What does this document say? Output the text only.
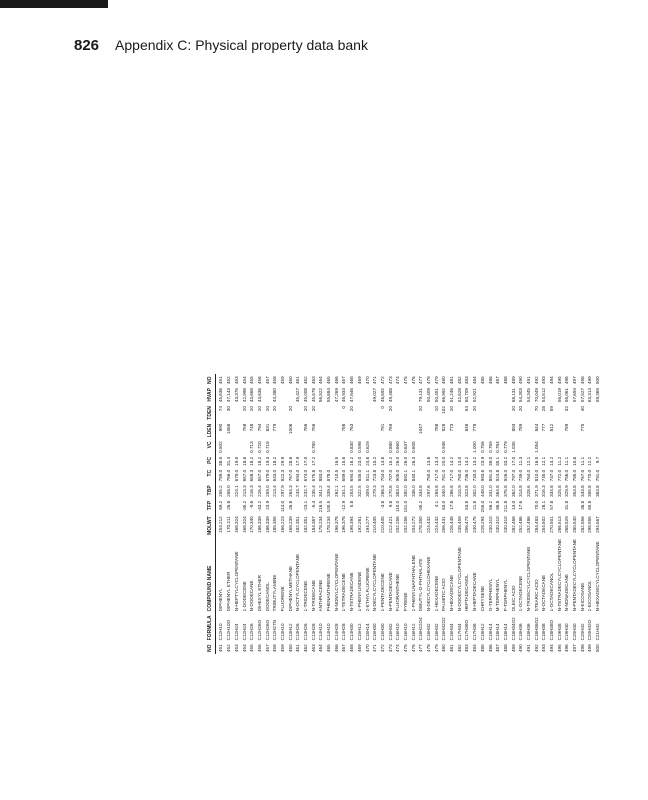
826 Appendix C: Physical property data bank
NO	FORMULA	COMPOUND NAME	MOLWT	TFP	TBP	TC	PC	VC	LDEN	TDEN	HVAP	NO
451	C12H10	DIPHENYL	154.212	69.2	255.2	789.0	38.5	0.502	990	74	45,636	451
452	C12H10O	DIPHENYL ETHER	170.211	26.8	258.0	766.0	31.4		1066	30	47,143	452
453	C12H24	N-HEPTYLCYCLOPENTANE	168.324		224.1	679.0	19.5				43,375	453
454	C12H24	1-DODECENE	168.324	-35.2	213.3	657.0	18.6		758	20	42,998	454
455	C12H26	N-DODECANE	170.340	-9.6	216.3	658.3	18.2	0.713	748	20	43,668	455
456	C12H26O	DIHEXYL ETHER	186.339	-43.2	226.4	657.0	18.2	0.720	794	20	43,636	456
457	C12H26O	DODECANOL	186.339	23.9	259.0	679.0	19.3	0.718	831	20		457
458	C12H27N	TRIBUTYLAMINE	185.355		213.4	643.0	18.2		779	20	44,380	458
459	C13H10	FLUORENE	166.223	114.0	297.9	822.3	29.9					459
460	C13H12	DIPHENYLMETHANE	168.239	26.8	264.3	767.0	28.6		1006	20		460
461	C13H26	N-OCTYLCYCLOPENTANE	182.351		243.7	694.0	17.9				45,427	461
462	C13H26	1-TRIDECENE	182.351	-23.1	232.7	674.0	17.0		766	20	45,008	462
463	C13H28	N-TRIDECANE	184.367	-5.4	235.4	675.8	17.2	0.780	756	20	45,678	463
464	C14H10	ANTHRACENE	178.234	216.5	341.2	883.0					56,522	464
465	C14H10	PHENANTHRENE	178.234	100.5	339.4	878.0					55,684	465
466	C14H28	N-NONYLCYCLOPENTANE	196.378		262.1	710.5	16.5				47,269	466
467	C14H28	1-TETRADECENE	196.378	-12.9	251.1	689.0	15.6		786	0	46,934	467
468	C14H30	N-TETRADECANE	198.394	5.8	253.5	694.0	16.2	0.830	763	20	47,646	468
469	C15H12	1-PHENYLINDENE	192.261		322.5	845.0	23.0	0.598				469
470	C15H14	2-ETHYLFLUORENE	194.277		309.0	811.1	24.6	0.629				470
471	C15H30	N-DECYLCYCLOPENTANE	210.405		279.3	723.8	15.2				49,027	471
472	C15H30	1-PENTADECENE	210.405	-3.8	268.3	704.0	14.6		791	0	48,692	472
473	C15H32	N-PENTADECANE	212.421	9.8	270.6	707.0	15.2	0.880	769	20	49,488	473
474	C16H10	FLUORANTHENE	202.256	110.0	383.0	905.0	26.0	0.660				474
475	C16H10	PYRENE	202.256	151.0	392.0	892.1	26.0	0.637				475
476	C16H12	1-PHENYLNAPHTHALENE	204.272		336.0	840.1	26.3	0.605				476
477	C16H22O4	DIBUTYL-O-PHTHALATE	278.350	-35.2	334.8				1047	20	79,131	477
478	C16H32	N-DECYLCYCLOHEXANE	224.432		297.6	750.0	13.6				50,409	478
479	C16H32	1-HEXADECENE	224.432	4.1	284.8	717.0	13.4		788	10	50,451	479
480	C16H32O2	PALMITIC ACID	256.431	63.0	340.5	781.0	20.0	0.946	828	102	66,992	480
481	C16H34	N-HEXADECANE	226.448	17.8	286.8	717.0	14.2		773	20	51,246	481
482	C17H34	N-DODECYLCYCLOPENTANE	238.459		310.9	750.0	13.0				52,628	482
483	C17H36O	HEPTADECANOL	256.474	53.8	323.8	736.0	14.2		848	54	60,709	483
484	C17H36	N-HEPTADECANE	240.475	21.8	302.0	733.0	13.2	1.000	778	20	52,921	484
485	C18H12	CHRYSENE	228.294	255.0	448.0	993.6	23.9	0.756				485
486	C18H14	O-TERPHENYL	230.310	56.2	331.0	891.0	39.0	0.769				486
487	C18H14	M-TERPHENYL	230.310	86.8	364.8	924.8	35.1	0.784				487
488	C18H14	P-TERPHENYL	230.310	211.8	375.8	926.0	33.2	0.779				488
489	C18H34O2	OLEIC ACID	282.468	13.0	362.0	797.0	17.0	1.035	893	20	68,131	489
490	C18H36	1-OCTADECENE	252.486	17.6	314.8	739.0	11.3		789	20	54,303	490
491	C18H36	N-TRIDECYLCYCLOPENTANE	252.486		328.6	764.0	12.1				54,345	491
492	C18H36O2	STEARIC ACID	284.483	70.0	371.9	810.0	16.5	1.054	844	70	70,049	492
493	C18H38	N-OCTADECANE	254.502	28.1	316.3	745.0	12.1		777	28	54,512	493
494	C18H38O	1-OCTADECANOL	270.501	57.8	334.8	747.0	14.2		812	59		494
495	C19H38	N-TETRADECYLCYCLOPENTANE	266.513		325.8	772.0	11.2				56,019	495
496	C19H40	N-NONADECANE	268.529	31.8	329.9	756.0	11.1		789	32	56,061	496
497	C20H40	N-PENTADECYLCYCLOPENTANE	280.540		353.8	785.0	10.6				57,694	497
498	C20H42	N-EICOSANE	282.556	36.8	343.8	767.0	11.1		775	40	57,527	498
499	C20H42O	1-EICOSANOL	298.555	65.8	355.8	770.0	12.2				63,314	499
500	C21H42	N-HEXADECYLCYCLOPENTANE	294.567		363.8	791.0	9.7				59,369	500
